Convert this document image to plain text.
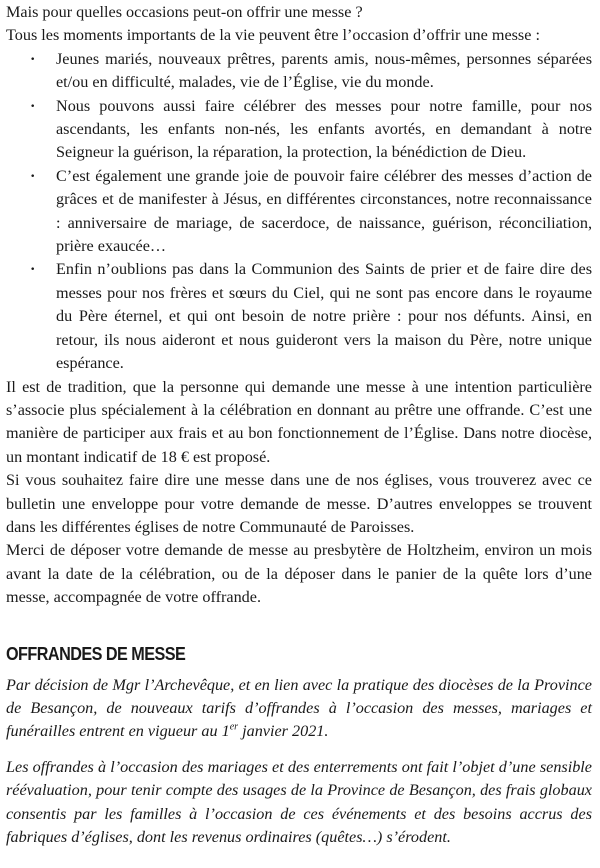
Mais pour quelles occasions peut-on offrir une messe ?

Tous les moments importants de la vie peuvent être l’occasion d’offrir une messe :

· Jeunes mariés, nouveaux prêtres, parents amis, nous-mêmes, personnes séparées et/ou en difficulté, malades, vie de l’Église, vie du monde.
· Nous pouvons aussi faire célébrer des messes pour notre famille, pour nos ascendants, les enfants non-nés, les enfants avortés, en demandant à notre Seigneur la guérison, la réparation, la protection, la bénédiction de Dieu.
· C’est également une grande joie de pouvoir faire célébrer des messes d’action de grâces et de manifester à Jésus, en différentes circonstances, notre reconnaissance : anniversaire de mariage, de sacerdoce, de naissance, guérison, réconciliation, prière exaucée…
· Enfin n’oublions pas dans la Communion des Saints de prier et de faire dire des messes pour nos frères et sœurs du Ciel, qui ne sont pas encore dans le royaume du Père éternel, et qui ont besoin de notre prière : pour nos défunts. Ainsi, en retour, ils nous aideront et nous guideront vers la maison du Père, notre unique espérance.

Il est de tradition, que la personne qui demande une messe à une intention particulière s’associe plus spécialement à la célébration en donnant au prêtre une offrande. C’est une manière de participer aux frais et au bon fonctionnement de l’Église. Dans notre diocèse, un montant indicatif de 18 € est proposé.

Si vous souhaitez faire dire une messe dans une de nos églises, vous trouverez avec ce bulletin une enveloppe pour votre demande de messe. D’autres enveloppes se trouvent dans les différentes églises de notre Communauté de Paroisses.

Merci de déposer votre demande de messe au presbytère de Holtzheim, environ un mois avant la date de la célébration, ou de la déposer dans le panier de la quête lors d’une messe, accompagnée de votre offrande.

OFFRANDES DE MESSE

Par décision de Mgr l’Archevêque, et en lien avec la pratique des diocèses de la Province de Besançon, de nouveaux tarifs d’offrandes à l’occasion des messes, mariages et funérailles entrent en vigueur au 1er janvier 2021.

Les offrandes à l’occasion des mariages et des enterrements ont fait l’objet d’une sensible réévaluation, pour tenir compte des usages de la Province de Besançon, des frais globaux consentis par les familles à l’occasion de ces événements et des besoins accrus des fabriques d’églises, dont les revenus ordinaires (quêtes…) s’érodent.
